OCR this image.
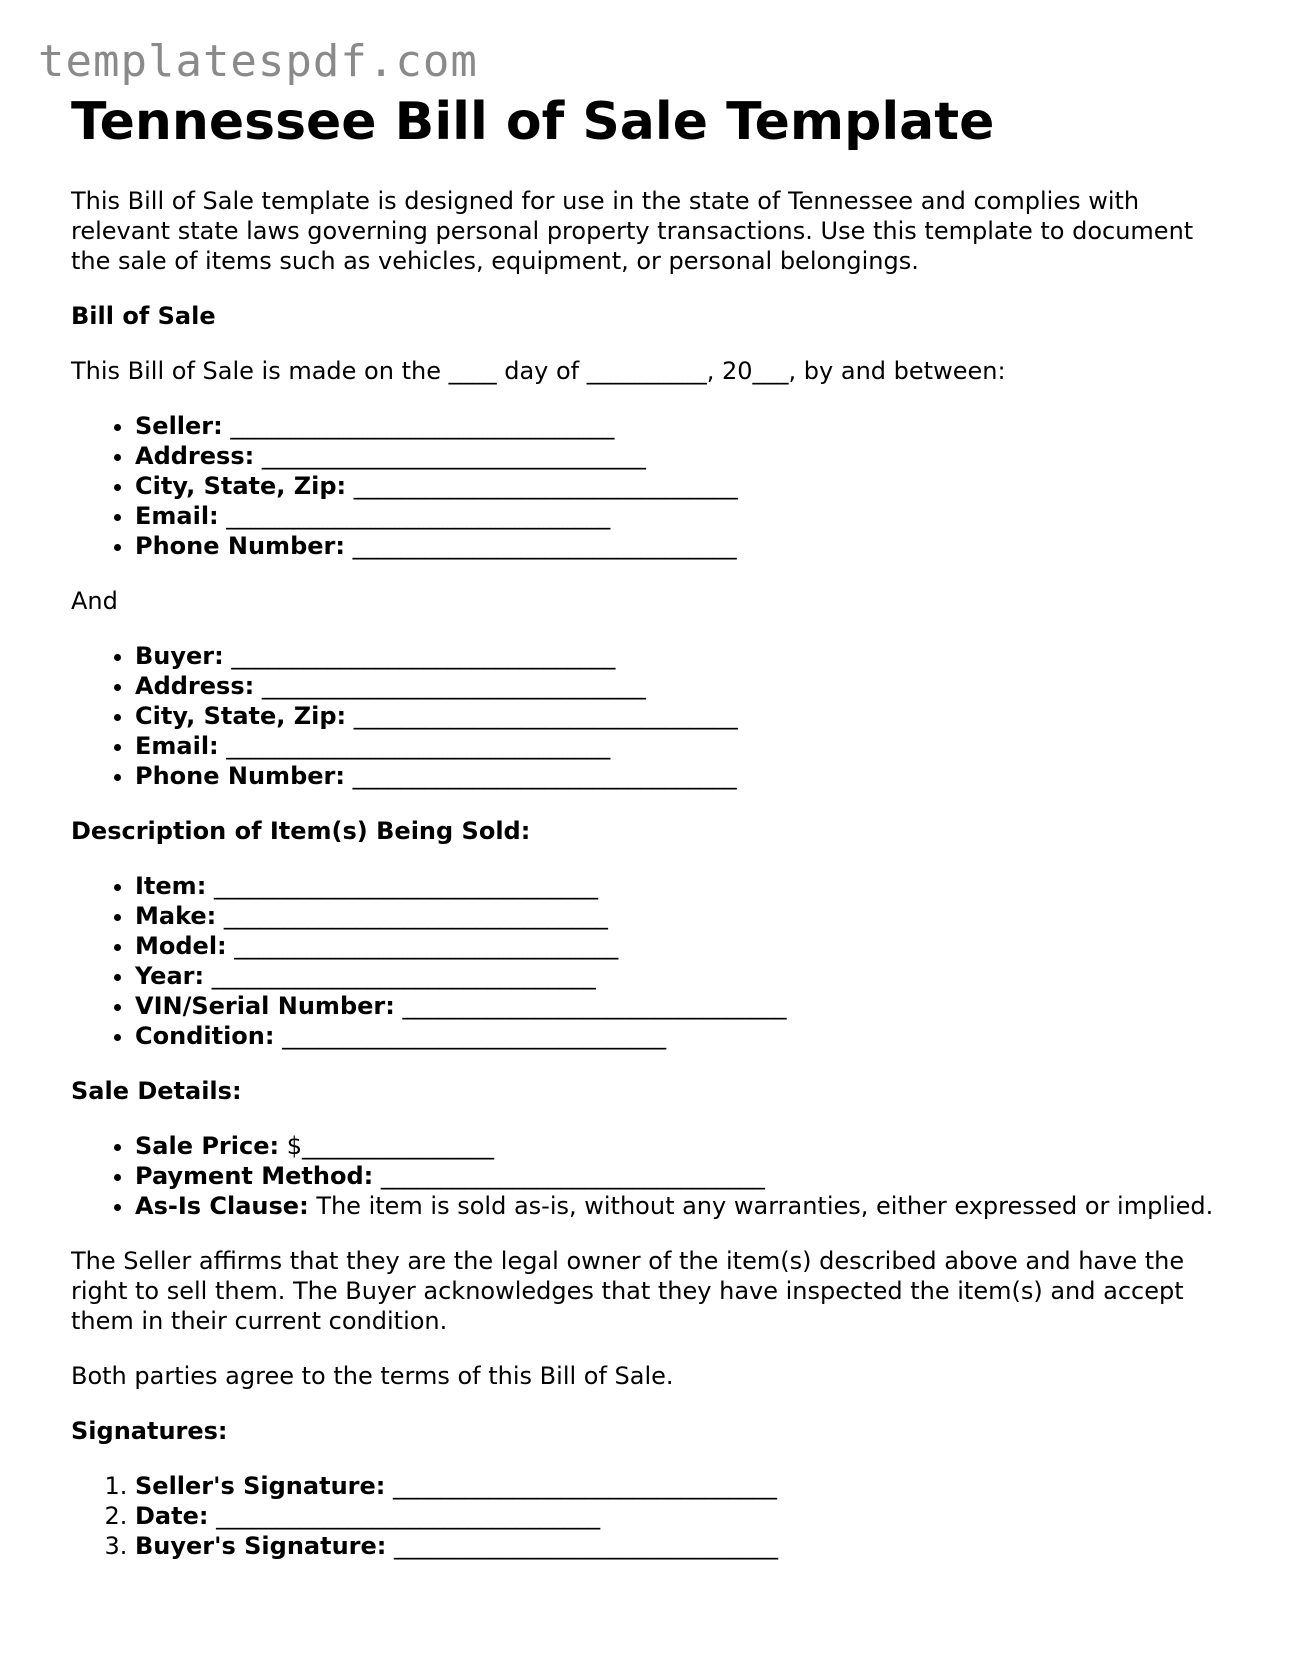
templatespdf.com
Tennessee Bill of Sale Template

This Bill of Sale template is designed for use in the state of Tennessee and complies with relevant state laws governing personal property transactions. Use this template to document the sale of items such as vehicles, equipment, or personal belongings.

Bill of Sale

This Bill of Sale is made on the ____ day of __________, 20___, by and between:

• Seller: ________________________________
• Address: ________________________________
• City, State, Zip: ________________________________
• Email: ________________________________
• Phone Number: ________________________________

And

• Buyer: ________________________________
• Address: ________________________________
• City, State, Zip: ________________________________
• Email: ________________________________
• Phone Number: ________________________________

Description of Item(s) Being Sold:

• Item: ________________________________
• Make: ________________________________
• Model: ________________________________
• Year: ________________________________
• VIN/Serial Number: ________________________________
• Condition: ________________________________

Sale Details:

• Sale Price: $________________
• Payment Method: ________________________________
• As-Is Clause: The item is sold as-is, without any warranties, either expressed or implied.

The Seller affirms that they are the legal owner of the item(s) described above and have the right to sell them. The Buyer acknowledges that they have inspected the item(s) and accept them in their current condition.

Both parties agree to the terms of this Bill of Sale.

Signatures:

1. Seller's Signature: ________________________________
2. Date: ________________________________
3. Buyer's Signature: ________________________________
